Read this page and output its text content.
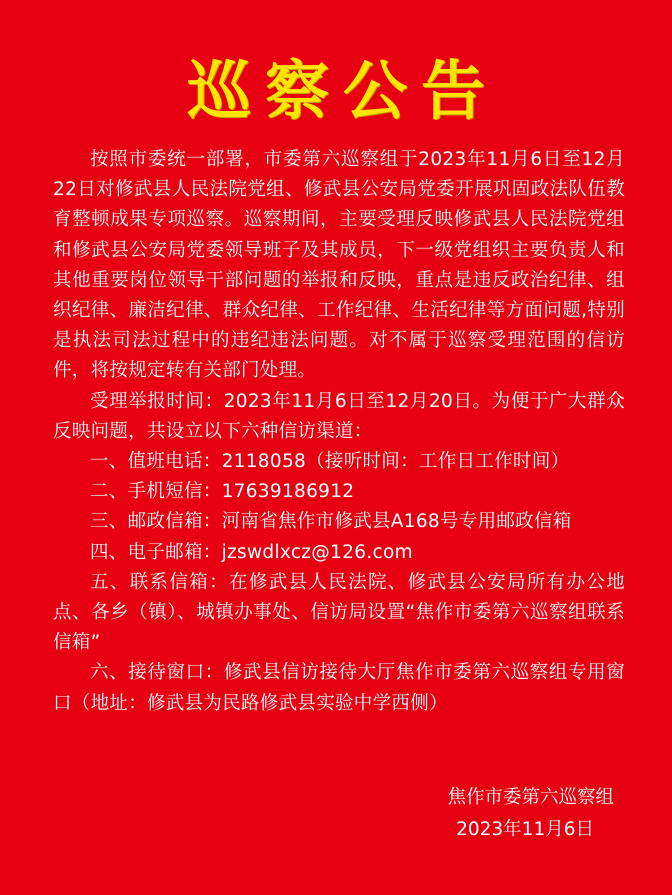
巡察公告

按照市委统一部署，市委第六巡察组于2023年11月6日至12月22日对修武县人民法院党组、修武县公安局党委开展巩固政法队伍教育整顿成果专项巡察。巡察期间，主要受理反映修武县人民法院党组和修武县公安局党委领导班子及其成员，下一级党组织主要负责人和其他重要岗位领导干部问题的举报和反映，重点是违反政治纪律、组织纪律、廉洁纪律、群众纪律、工作纪律、生活纪律等方面问题,特别是执法司法过程中的违纪违法问题。对不属于巡察受理范围的信访件，将按规定转有关部门处理。

受理举报时间：2023年11月6日至12月20日。为便于广大群众反映问题，共设立以下六种信访渠道：

一、值班电话：2118058（接听时间：工作日工作时间）

二、手机短信：17639186912

三、邮政信箱：河南省焦作市修武县A168号专用邮政信箱

四、电子邮箱：jzswdlxcz@126.com

五、联系信箱：在修武县人民法院、修武县公安局所有办公地点、各乡（镇）、城镇办事处、信访局设置“焦作市委第六巡察组联系信箱”

六、接待窗口：修武县信访接待大厅焦作市委第六巡察组专用窗口（地址：修武县为民路修武县实验中学西侧）

焦作市委第六巡察组
2023年11月6日
